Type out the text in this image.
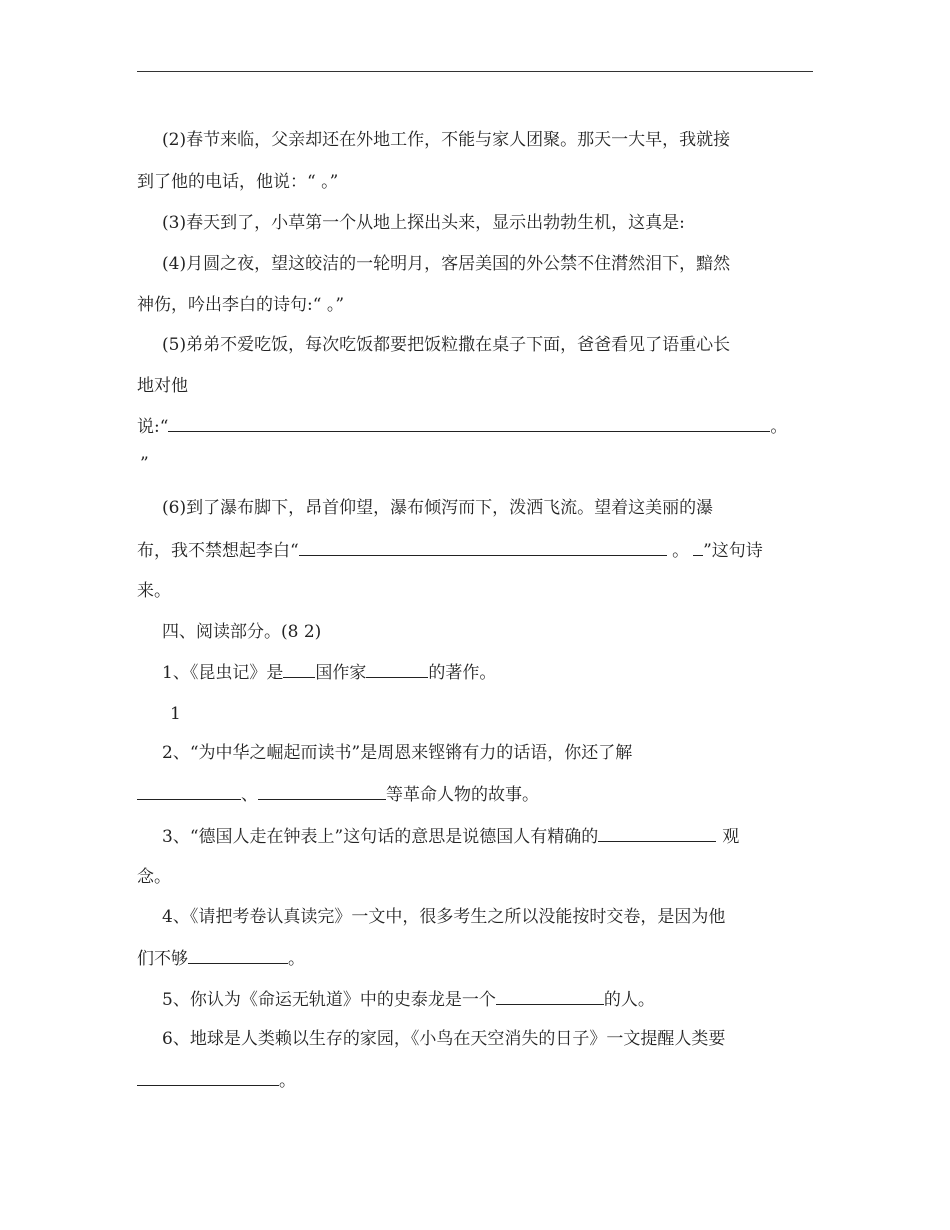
(2)春节来临，父亲却还在外地工作，不能与家人团聚。那天一大早，我就接
到了他的电话，他说：“ 。”
(3)春天到了，小草第一个从地上探出头来，显示出勃勃生机，这真是:
(4)月圆之夜，望这皎洁的一轮明月，客居美国的外公禁不住潸然泪下，黯然
神伤，吟出李白的诗句:“ 。”
(5)弟弟不爱吃饭，每次吃饭都要把饭粒撒在桌子下面，爸爸看见了语重心长
地对他
说:“	。
”
(6)到了瀑布脚下，昂首仰望，瀑布倾泻而下，泼洒飞流。望着这美丽的瀑
布，我不禁想起李白“	。 ”这句诗
来。
四、阅读部分。(8 2)
1、《昆虫记》是 国作家	的著作。
1
2、“为中华之崛起而读书”是周恩来铿锵有力的话语，你还了解
、	等革命人物的故事。
3、“德国人走在钟表上”这句话的意思是说德国人有精确的	观
念。
4、《请把考卷认真读完》一文中，很多考生之所以没能按时交卷，是因为他
们不够	。
5、你认为《命运无轨道》中的史泰龙是一个	的人。
6、地球是人类赖以生存的家园，《小鸟在天空消失的日子》一文提醒人类要
。
